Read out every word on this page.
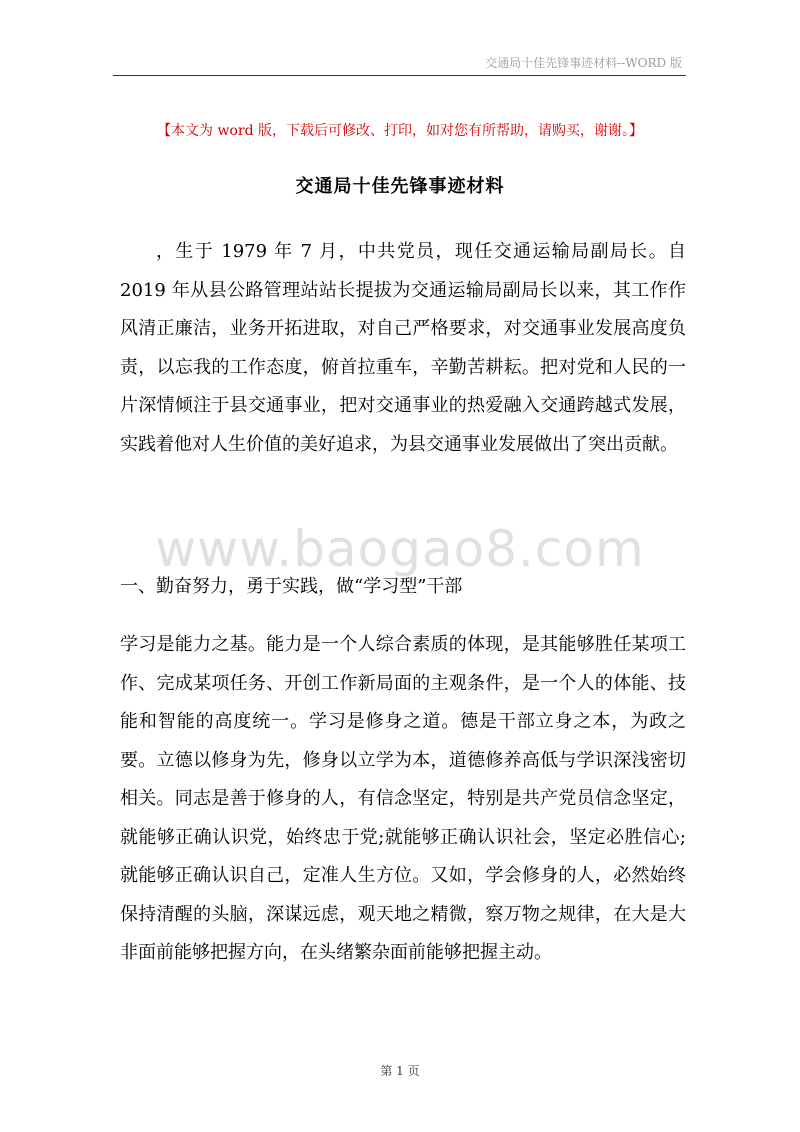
交通局十佳先锋事迹材料--WORD 版
【本文为 word 版，下载后可修改、打印，如对您有所帮助，请购买，谢谢。】
交通局十佳先锋事迹材料

，生于 1979 年 7 月，中共党员，现任交通运输局副局长。自 2019 年从县公路管理站站长提拔为交通运输局副局长以来，其工作作风清正廉洁，业务开拓进取，对自己严格要求，对交通事业发展高度负责，以忘我的工作态度，俯首拉重车，辛勤苦耕耘。把对党和人民的一片深情倾注于县交通事业，把对交通事业的热爱融入交通跨越式发展，实践着他对人生价值的美好追求，为县交通事业发展做出了突出贡献。

www.baogao8.com

一、勤奋努力，勇于实践，做“学习型”干部

学习是能力之基。能力是一个人综合素质的体现，是其能够胜任某项工作、完成某项任务、开创工作新局面的主观条件，是一个人的体能、技能和智能的高度统一。学习是修身之道。德是干部立身之本，为政之要。立德以修身为先，修身以立学为本，道德修养高低与学识深浅密切相关。同志是善于修身的人，有信念坚定，特别是共产党员信念坚定，就能够正确认识党，始终忠于党;就能够正确认识社会，坚定必胜信心;就能够正确认识自己，定准人生方位。又如，学会修身的人，必然始终保持清醒的头脑，深谋远虑，观天地之精微，察万物之规律，在大是大非面前能够把握方向，在头绪繁杂面前能够把握主动。

第 1 页
